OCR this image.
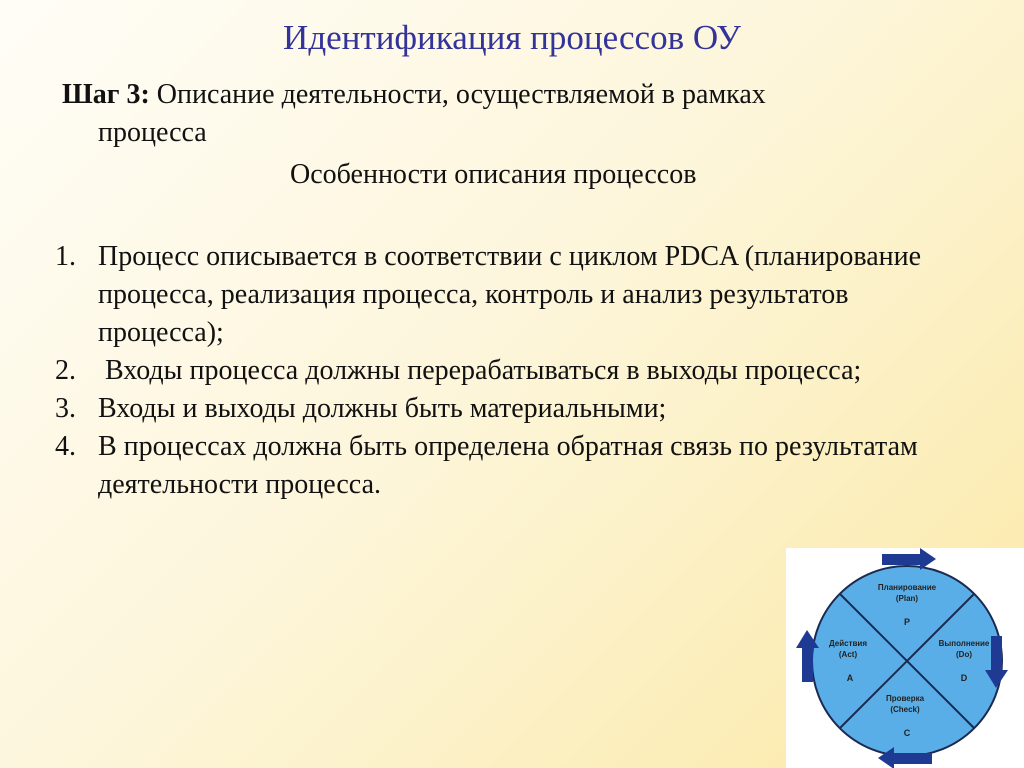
Идентификация процессов ОУ
Шаг 3: Описание деятельности, осуществляемой в рамках
процесса
Особенности описания процессов
1. Процесс описывается в соответствии с циклом PDCA (планирование процесса, реализация процесса, контроль и анализ результатов процесса);
2. Входы процесса должны перерабатываться в выходы процесса;
3. Входы и выходы должны быть материальными;
4. В процессах должна быть определена обратная связь по результатам деятельности процесса.
Планирование
(Plan)
P
Выполнение
(Do)
D
Проверка
(Check)
C
Действия
(Act)
A
